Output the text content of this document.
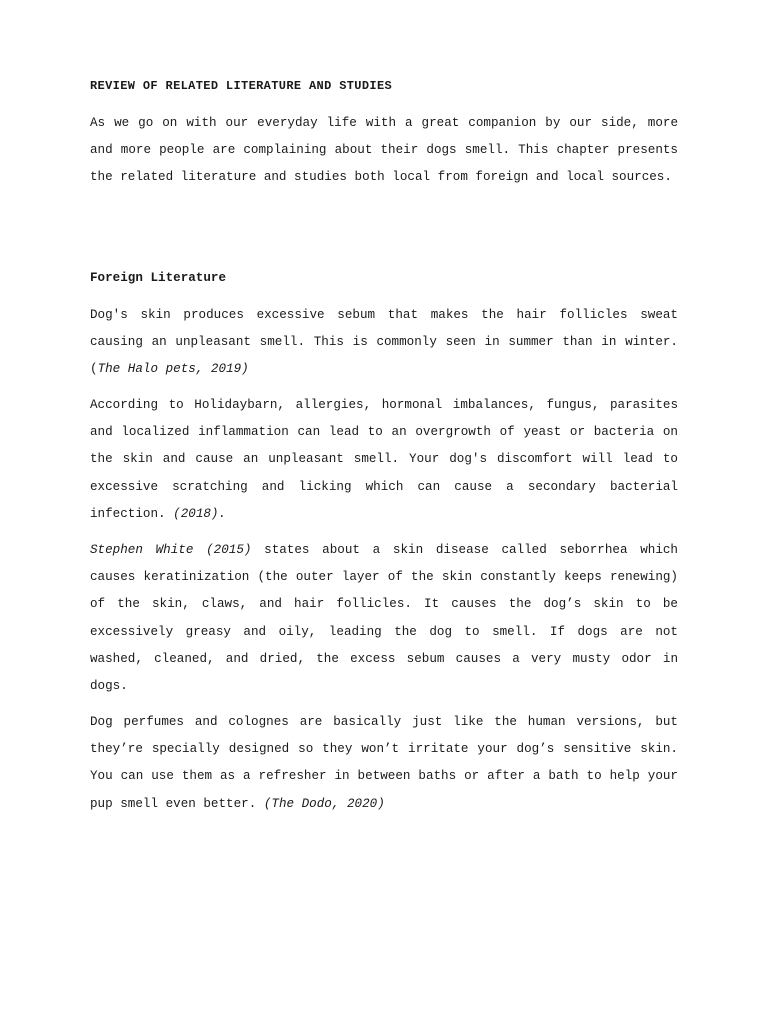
REVIEW OF RELATED LITERATURE AND STUDIES

As we go on with our everyday life with a great companion by our side, more and more people are complaining about their dogs smell. This chapter presents the related literature and studies both local from foreign and local sources.

Foreign Literature

Dog's skin produces excessive sebum that makes the hair follicles sweat causing an unpleasant smell. This is commonly seen in summer than in winter. (The Halo pets, 2019)

According to Holidaybarn, allergies, hormonal imbalances, fungus, parasites and localized inflammation can lead to an overgrowth of yeast or bacteria on the skin and cause an unpleasant smell. Your dog's discomfort will lead to excessive scratching and licking which can cause a secondary bacterial infection. (2018).

Stephen White (2015) states about a skin disease called seborrhea which causes keratinization (the outer layer of the skin constantly keeps renewing) of the skin, claws, and hair follicles. It causes the dog’s skin to be excessively greasy and oily, leading the dog to smell. If dogs are not washed, cleaned, and dried, the excess sebum causes a very musty odor in dogs.

Dog perfumes and colognes are basically just like the human versions, but they’re specially designed so they won’t irritate your dog’s sensitive skin. You can use them as a refresher in between baths or after a bath to help your pup smell even better. (The Dodo, 2020)
